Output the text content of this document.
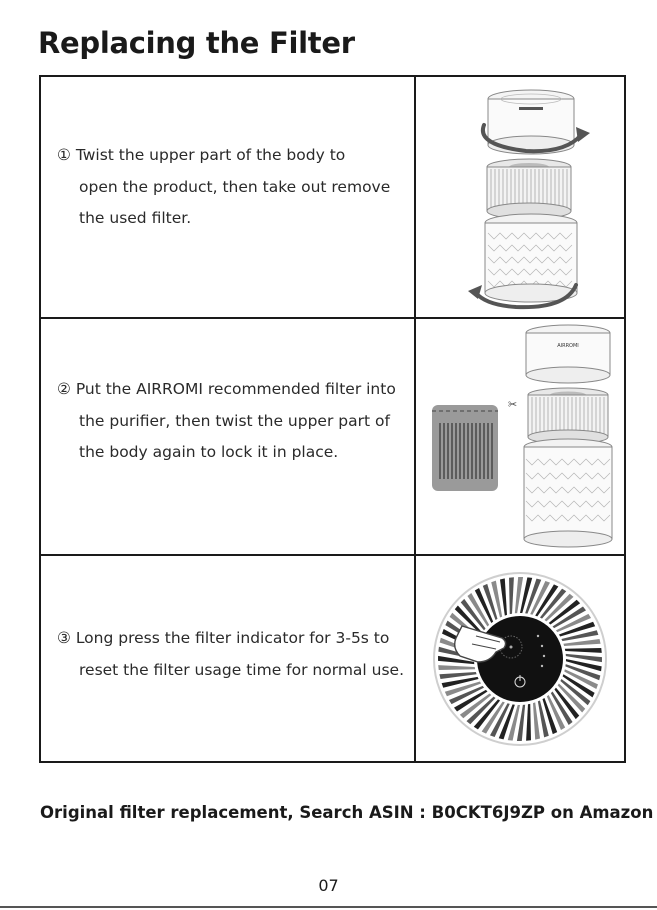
Replacing the Filter
① Twist the upper part of the body to
open the product, then take out remove
the used filter.
② Put the AIRROMI recommended filter into
the purifier, then twist the upper part of
the body again to lock it in place.
✂
AIRROMI
③ Long press the filter indicator for 3-5s to
reset the filter usage time for normal use.
Original filter replacement, Search ASIN : B0CKT6J9ZP on Amazon
07
